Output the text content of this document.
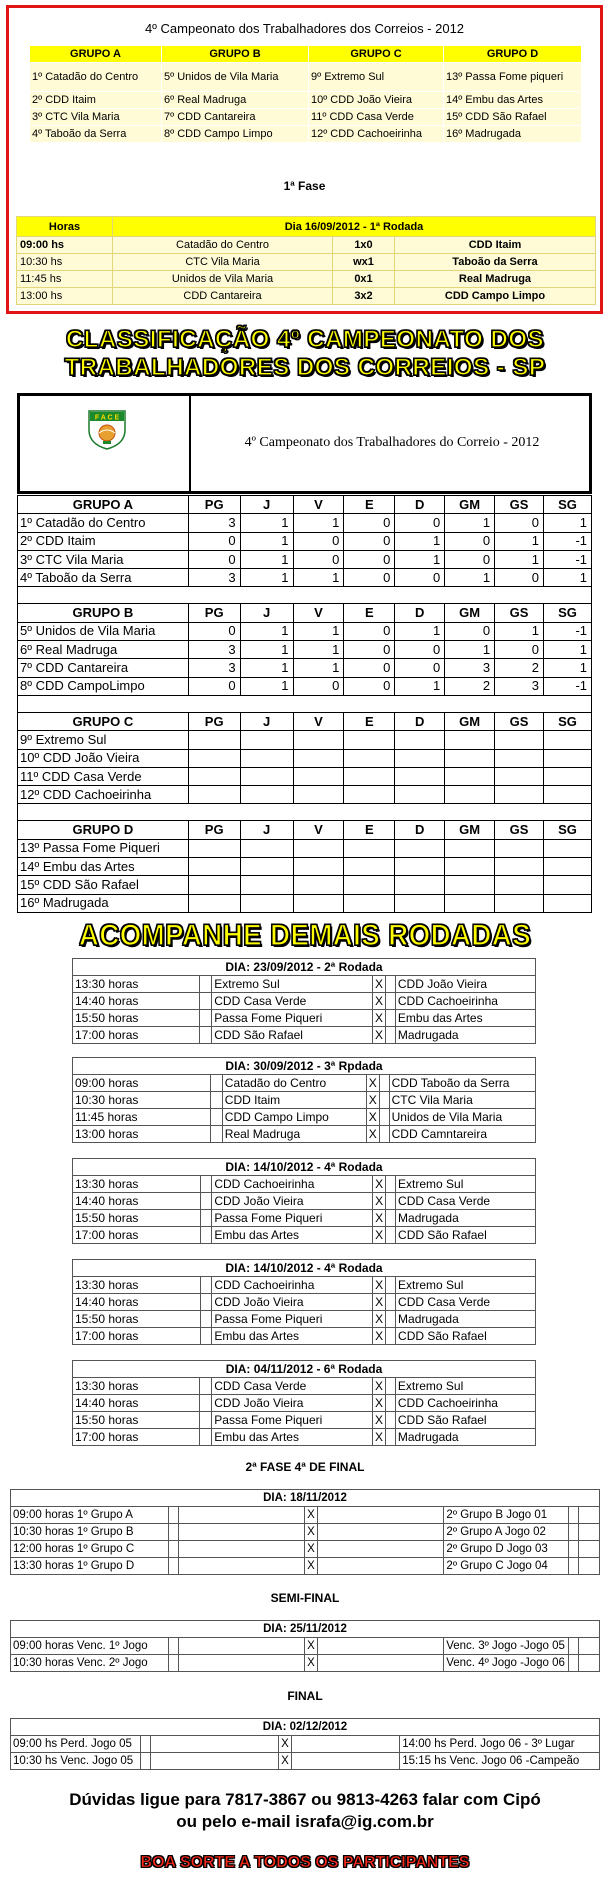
4º Campeonato dos Trabalhadores dos Correios - 2012
GRUPO A	GRUPO B	GRUPO C	GRUPO D
1º Catadão do Centro	5º Unidos de Vila Maria	9º Extremo Sul	13º Passa Fome piqueri
2º CDD Itaim	6º Real Madruga	10º CDD João Vieira	14º Embu das Artes
3º CTC Vila Maria	7º CDD Cantareira	11º CDD Casa Verde	15º CDD São Rafael
4º Taboão da Serra	8º CDD Campo Limpo	12º CDD Cachoeirinha	16º Madrugada
1ª Fase
Horas	Dia 16/09/2012 - 1ª Rodada		
09:00 hs	Catadão do Centro	1x0	CDD Itaim
10:30 hs	CTC Vila Maria	wx1	Taboão da Serra
11:45 hs	Unidos de Vila Maria	0x1	Real Madruga
13:00 hs	CDD Cantareira	3x2	CDD Campo Limpo
CLASSIFICAÇÃO 4º CAMPEONATO DOS
TRABALHADORES DOS CORREIOS - SP
F A C E
4º Campeonato dos Trabalhadores do Correio - 2012
GRUPO A	PG	J	V	E	D	GM	GS	SG
1º Catadão do Centro	3	1	1	0	0	1	0	1
2º CDD Itaim	0	1	0	0	1	0	1	-1
3º CTC Vila Maria	0	1	0	0	1	0	1	-1
4º Taboão da Serra	3	1	1	0	0	1	0	1

GRUPO B	PG	J	V	E	D	GM	GS	SG
5º Unidos de Vila Maria	0	1	1	0	1	0	1	-1
6º Real Madruga	3	1	1	0	0	1	0	1
7º CDD Cantareira	3	1	1	0	0	3	2	1
8º CDD CampoLimpo	0	1	0	0	1	2	3	-1

GRUPO C	PG	J	V	E	D	GM	GS	SG
9º Extremo Sul								
10º CDD João Vieira								
11º CDD Casa Verde								
12º CDD Cachoeirinha								

GRUPO D	PG	J	V	E	D	GM	GS	SG
13º Passa Fome Piqueri								
14º Embu das Artes								
15º CDD São Rafael								
16º Madrugada								
ACOMPANHE DEMAIS RODADAS
DIA: 23/09/2012 - 2ª Rodada					
13:30 horas		Extremo Sul	X		CDD João Vieira
14:40 horas		CDD Casa Verde	X		CDD Cachoeirinha
15:50 horas		Passa Fome Piqueri	X		Embu das Artes
17:00 horas		CDD São Rafael	X		Madrugada
DIA: 30/09/2012 - 3ª Rpdada					
09:00 horas		Catadão do Centro	X		CDD Taboão da Serra
10:30 horas		CDD Itaim	X		CTC Vila Maria
11:45 horas		CDD Campo Limpo	X		Unidos de Vila Maria
13:00 horas		Real Madruga	X		CDD Camntareira
DIA: 14/10/2012 - 4ª Rodada					
13:30 horas		CDD Cachoeirinha	X		Extremo Sul
14:40 horas		CDD João Vieira	X		CDD Casa Verde
15:50 horas		Passa Fome Piqueri	X		Madrugada
17:00 horas		Embu das Artes	X		CDD São Rafael
DIA: 14/10/2012 - 4ª Rodada					
13:30 horas		CDD Cachoeirinha	X		Extremo Sul
14:40 horas		CDD João Vieira	X		CDD Casa Verde
15:50 horas		Passa Fome Piqueri	X		Madrugada
17:00 horas		Embu das Artes	X		CDD São Rafael
DIA: 04/11/2012 - 6ª Rodada					
13:30 horas		CDD Casa Verde	X		Extremo Sul
14:40 horas		CDD João Vieira	X		CDD Cachoeirinha
15:50 horas		Passa Fome Piqueri	X		CDD São Rafael
17:00 horas		Embu das Artes	X		Madrugada
2ª FASE 4ª DE FINAL
DIA: 18/11/2012							
09:00 horas 1º Grupo A			X		2º Grupo B Jogo 01		
10:30 horas 1º Grupo B			X		2º Grupo A Jogo 02		
12:00 horas 1º Grupo C			X		2º Grupo D Jogo 03		
13:30 horas 1º Grupo D			X		2º Grupo C Jogo 04		
SEMI-FINAL
DIA: 25/11/2012							
09:00 horas Venc. 1º Jogo			X		Venc. 3º Jogo -Jogo 05		
10:30 horas Venc. 2º Jogo			X		Venc. 4º Jogo -Jogo 06		
FINAL
DIA: 02/12/2012					
09:00 hs Perd. Jogo 05			X		14:00 hs Perd. Jogo 06 - 3º Lugar
10:30 hs Venc. Jogo 05			X		15:15 hs Venc. Jogo 06 -Campeão
Dúvidas ligue para 7817-3867 ou 9813-4263 falar com Cipó
ou pelo e-mail israfa@ig.com.br
BOA SORTE A TODOS OS PARTICIPANTES
